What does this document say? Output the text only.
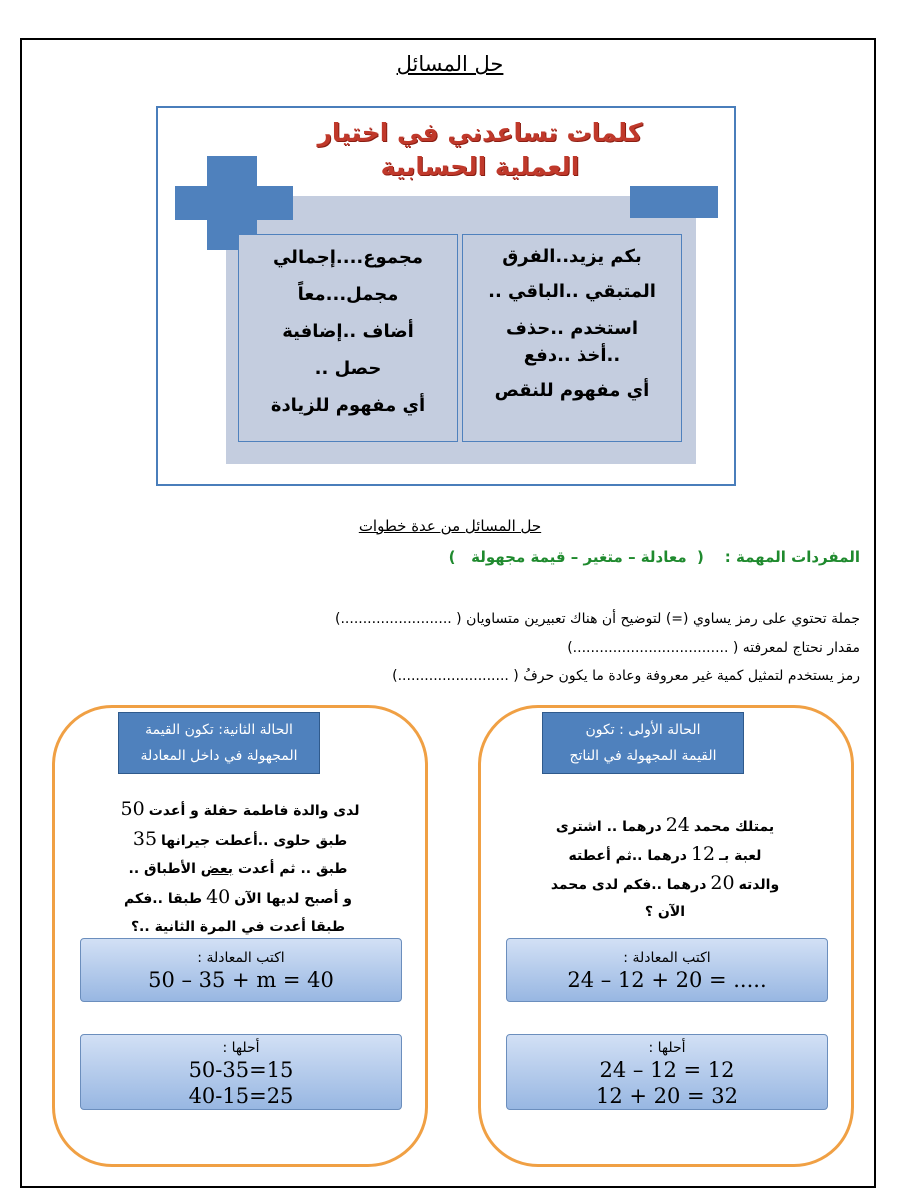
حل المسائل
كلمات تساعدني في اختيار
العملية الحسابية
مجموع....إجمالي
مجمل...معاً
أضاف ..إضافية
حصل ..
أي مفهوم للزيادة
بكم يزيد..الفرق
المتبقي ..الباقي ..
استخدم ..حذف
..أخذ ..دفع
أي مفهوم للنقص
حل المسائل من عدة خطوات
المفردات المهمة :    (  معادلة – متغير – قيمة مجهولة   )
جملة تحتوي على رمز يساوي (=) لتوضيح أن هناك تعبيرين متساويان ( .........................)
مقدار نحتاج لمعرفته ( ...................................)
رمز يستخدم لتمثيل كمية غير معروفة وعادة ما يكون حرفُ ( .........................)
الحالة الأولى : تكون
القيمة المجهولة في الناتج
يمتلك محمد24درهما .. اشترى
لعبة بـ12درهما ..ثم أعطته
والدته20درهما ..فكم لدى محمد
الآن ؟
اكتب المعادلة :
24 – 12 + 20 = .....
أحلها :
24 – 12 = 12
12 + 20 = 32
الحالة الثانية: تكون القيمة
المجهولة في داخل المعادلة
لدى والدة فاطمة حفلة و أعدت50
طبق حلوى ..أعطت جيرانها35
طبق .. ثم أعدت بعض الأطباق ..
و أصبح لديها الآن40طبقا ..فكم
طبقا أعدت في المرة الثانية ..؟
اكتب المعادلة :
50 – 35 + m = 40
أحلها :
50-35=15
40-15=25
